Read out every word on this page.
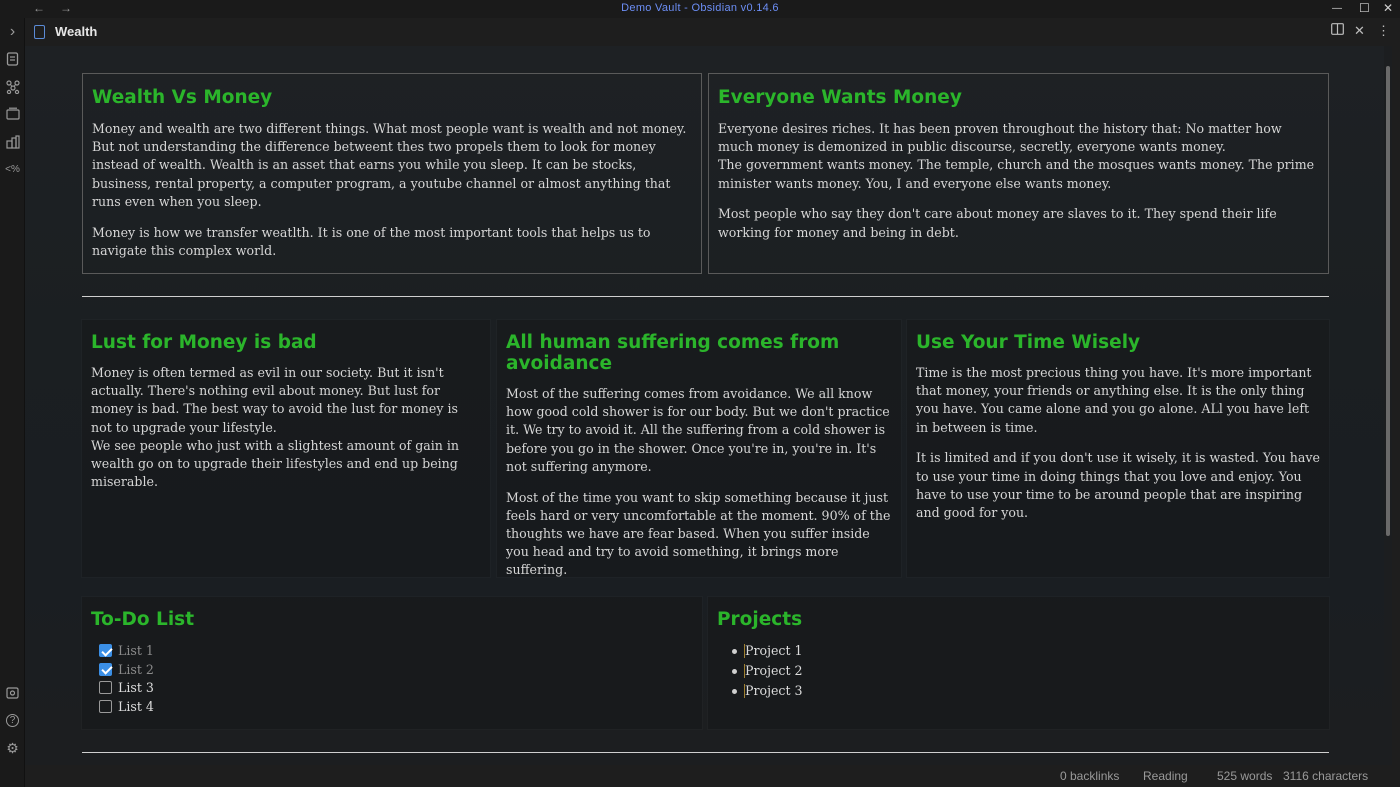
← →	Demo Vault - Obsidian v0.14.6	— ☐ ✕
›
<%
?
⚙
Wealth	✕ ⋮
Wealth Vs Money

Money and wealth are two different things. What most people want is wealth and not money. But not understanding the difference betweent thes two propels them to look for money instead of wealth. Wealth is an asset that earns you while you sleep. It can be stocks, business, rental property, a computer program, a youtube channel or almost anything that runs even when you sleep.

Money is how we transfer weatlth. It is one of the most important tools that helps us to navigate this complex world.

Everyone Wants Money

Everyone desires riches. It has been proven throughout the history that: No matter how much money is demonized in public discourse, secretly, everyone wants money.

The government wants money. The temple, church and the mosques wants money. The prime minister wants money. You, I and everyone else wants money.

Most people who say they don't care about money are slaves to it. They spend their life working for money and being in debt.

Lust for Money is bad

Money is often termed as evil in our society. But it isn't actually. There's nothing evil about money. But lust for money is bad. The best way to avoid the lust for money is not to upgrade your lifestyle.

We see people who just with a slightest amount of gain in wealth go on to upgrade their lifestyles and end up being miserable.

All human suffering comes from avoidance

Most of the suffering comes from avoidance. We all know how good cold shower is for our body. But we don't practice it. We try to avoid it. All the suffering from a cold shower is before you go in the shower. Once you're in, you're in. It's not suffering anymore.

Most of the time you want to skip something because it just feels hard or very uncomfortable at the moment. 90% of the thoughts we have are fear based. When you suffer inside you head and try to avoid something, it brings more suffering.

Use Your Time Wisely

Time is the most precious thing you have. It's more important that money, your friends or anything else. It is the only thing you have. You came alone and you go alone. ALl you have left in between is time.

It is limited and if you don't use it wisely, it is wasted. You have to use your time in doing things that you love and enjoy. You have to use your time to be around people that are inspiring and good for you.

To-Do List
List 1
List 2
List 3
List 4
Projects
Project 1
Project 2
Project 3
0 backlinks Reading 525 words 3116 characters
